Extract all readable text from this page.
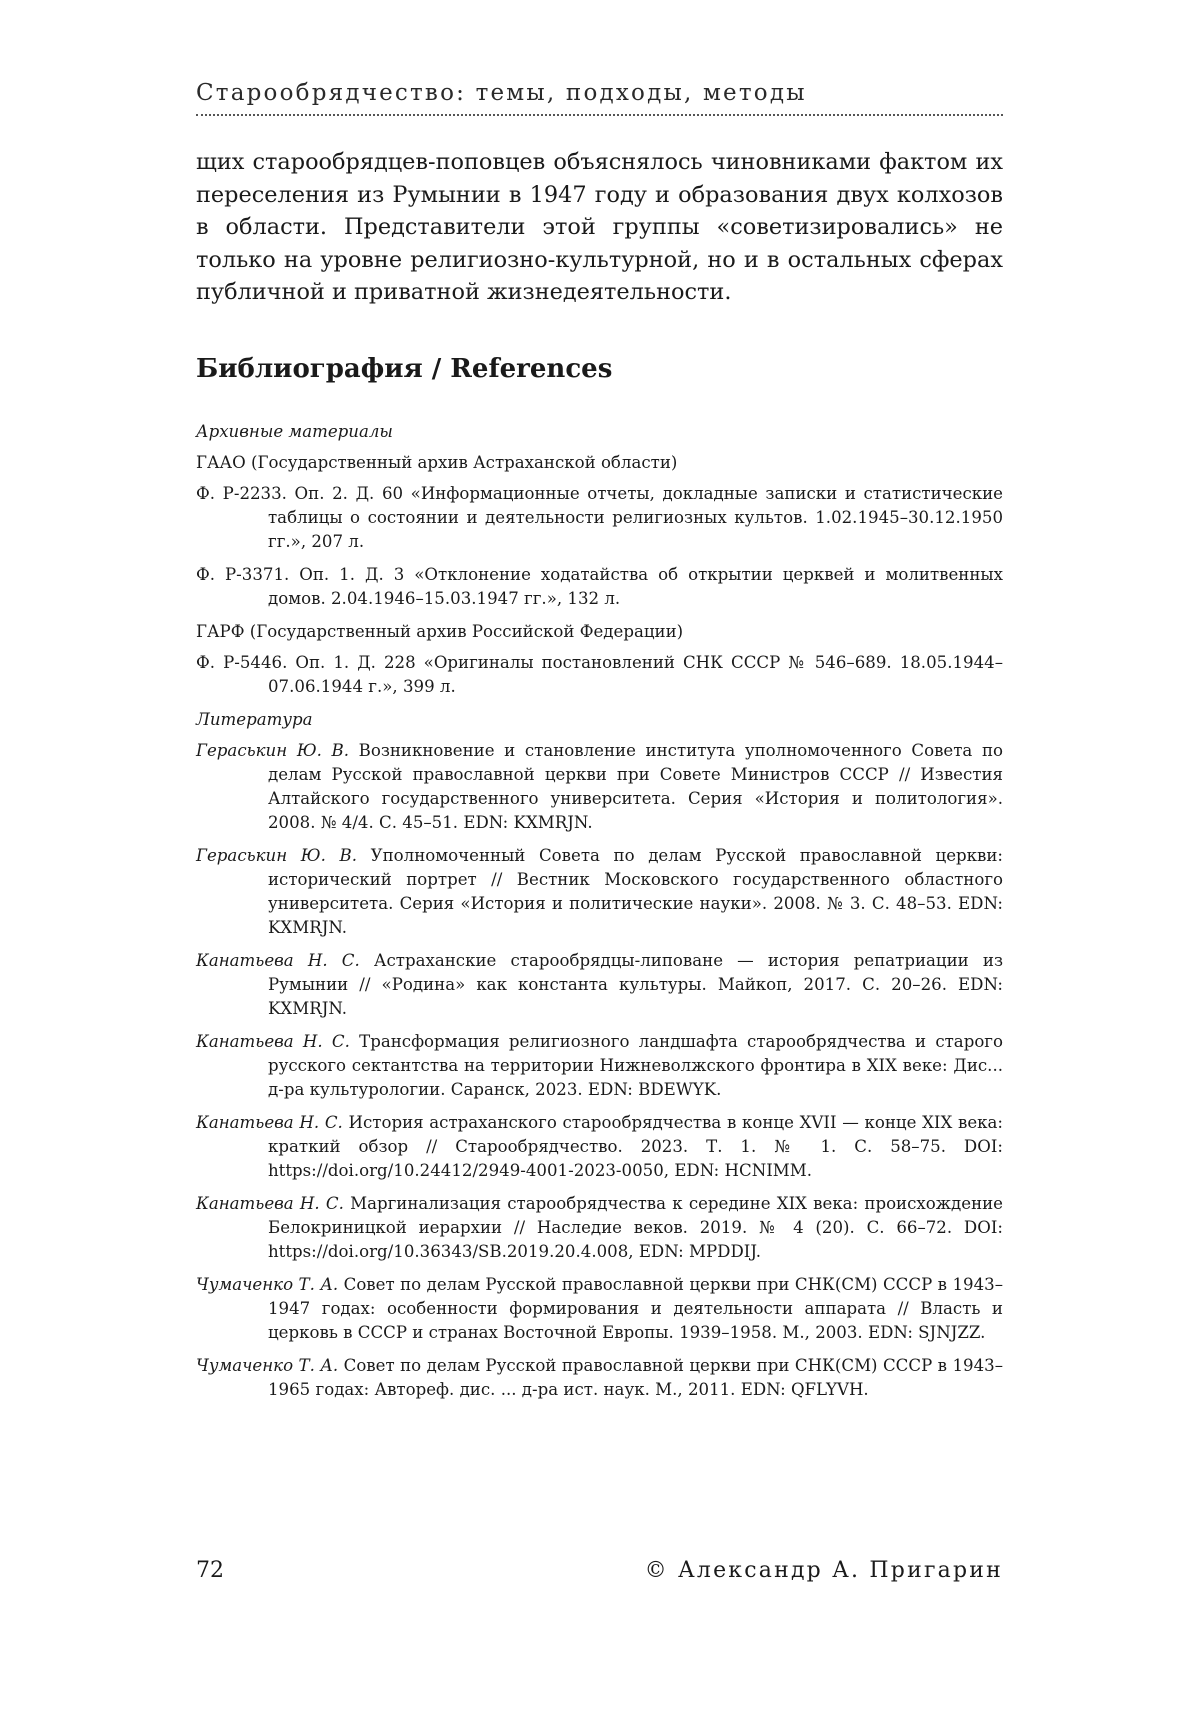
Старообрядчество: темы, подходы, методы

щих старообрядцев-поповцев объяснялось чиновниками фактом их переселения из Румынии в 1947 году и образования двух колхозов в области. Представители этой группы «советизировались» не только на уровне религиозно-культурной, но и в остальных сферах публичной и приватной жизнедеятельности.

Библиография / References
Архивные материалы
ГААО (Государственный архив Астраханской области)
Ф. Р-2233. Оп. 2. Д. 60 «Информационные отчеты, докладные записки и статистические таблицы о состоянии и деятельности религиозных культов. 1.02.1945–30.12.1950 гг.», 207 л.
Ф. Р-3371. Оп. 1. Д. 3 «Отклонение ходатайства об открытии церквей и молитвенных домов. 2.04.1946–15.03.1947 гг.», 132 л.
ГАРФ (Государственный архив Российской Федерации)
Ф. Р-5446. Оп. 1. Д. 228 «Оригиналы постановлений СНК СССР № 546–689. 18.05.1944–07.06.1944 г.», 399 л.
Литература
Гераськин Ю. В. Возникновение и становление института уполномоченного Совета по делам Русской православной церкви при Совете Министров СССР // Известия Алтайского государственного университета. Серия «История и политология». 2008. № 4/4. С. 45–51. EDN: KXMRJN.
Гераськин Ю. В. Уполномоченный Совета по делам Русской православной церкви: исторический портрет // Вестник Московского государственного областного университета. Серия «История и политические науки». 2008. № 3. С. 48–53. EDN: KXMRJN.
Канатьева Н. С. Астраханские старообрядцы-липоване — история репатриации из Румынии // «Родина» как константа культуры. Майкоп, 2017. С. 20–26. EDN: KXMRJN.
Канатьева Н. С. Трансформация религиозного ландшафта старообрядчества и старого русского сектантства на территории Нижневолжского фронтира в XIX веке: Дис... д-ра культурологии. Саранск, 2023. EDN: BDEWYK.
Канатьева Н. С. История астраханского старообрядчества в конце XVII — конце XIX века: краткий обзор // Старообрядчество. 2023. Т. 1. № 1. С. 58–75. DOI: https://doi.org/10.24412/2949-4001-2023-0050, EDN: HCNIMM.
Канатьева Н. С. Маргинализация старообрядчества к середине XIX века: происхождение Белокриницкой иерархии // Наследие веков. 2019. № 4 (20). С. 66–72. DOI: https://doi.org/10.36343/SB.2019.20.4.008, EDN: MPDDIJ.
Чумаченко Т. А. Совет по делам Русской православной церкви при СНК(СМ) СССР в 1943–1947 годах: особенности формирования и деятельности аппарата // Власть и церковь в СССР и странах Восточной Европы. 1939–1958. М., 2003. EDN: SJNJZZ.
Чумаченко Т. А. Совет по делам Русской православной церкви при СНК(СМ) СССР в 1943–1965 годах: Автореф. дис. ... д-ра ист. наук. М., 2011. EDN: QFLYVH.
72	© Александр А. Пригарин
